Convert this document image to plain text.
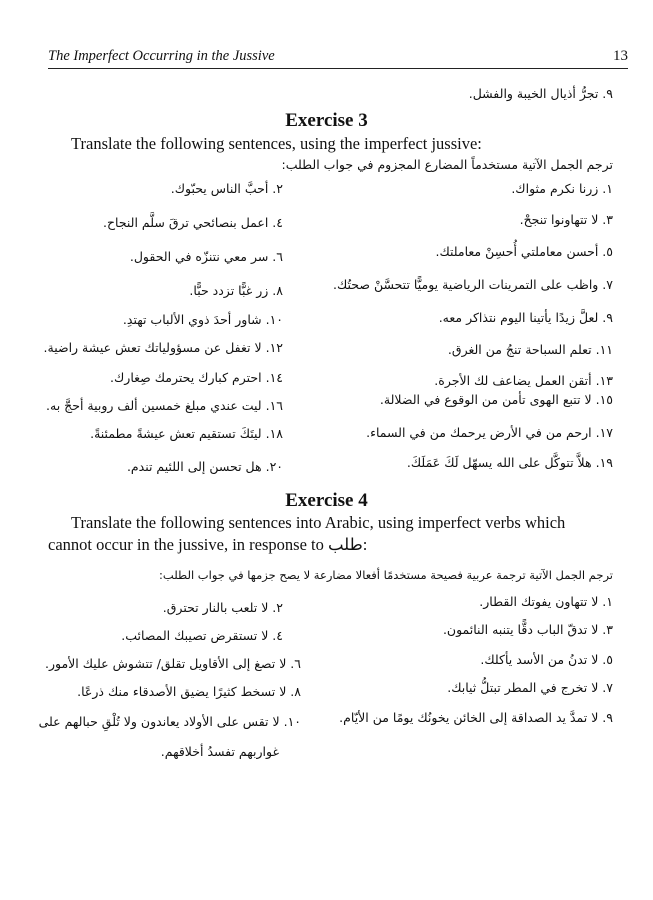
The Imperfect Occurring in the Jussive	13
٩. تجرُّ أذيال الخيبة والفشل.
Exercise 3
Translate the following sentences, using the imperfect jussive:
ترجم الجمل الآتية مستخدماً المضارع المجزوم في جواب الطلب:
١. زرنا نكرم مثواك.
٣. لا تتهاونوا تنجحْ.
٥. أحسن معاملتي أُحسِنْ معاملتك.
٧. واظب على التمرينات الرياضية يوميًّا تتحسَّنْ صحتُك.
٩. لعلَّ زيدًا يأتينا اليوم نتذاكر معه.
١١. تعلم السباحة تنجُ من الغرق.
١٣. أتقن العمل يضاعف لك الأجرة.
١٥. لا تتبع الهوى تأمن من الوقوع في الضلالة.
١٧. ارحم من في الأرض يرحمك من في السماء.
١٩. هلاَّ تتوكَّل على الله يسهّل لَكَ عَمَلَكَ.
٢. أحبَّ الناس يحبّوك.
٤. اعمل بنصائحي ترقَ سلَّم النجاح.
٦. سر معي نتنزّه في الحقول.
٨. زر غبًّا تزدد حبًّا.
١٠. شاور أحدَ ذوي الألباب تهتدِ.
١٢. لا تغفل عن مسؤولياتك تعش عيشة راضية.
١٤. احترم كبارك يحترمك صِغارك.
١٦. ليت عندي مبلغ خمسين ألف روبية أحجَّ به.
١٨. ليتَكَ تستقيم تعش عيشةً مطمئنةً.
٢٠. هل تحسن إلى اللئيم تندم.
Exercise 4
Translate the following sentences into Arabic, using imperfect verbs which
cannot occur in the jussive, in response to طلب:
ترجم الجمل الآتية ترجمة عربية فصيحة مستخدمًا أفعالا مضارعة لا يصح جزمها في جواب الطلب:
١. لا تتهاون يفوتك القطار.
٣. لا تدقّ الباب دقًّا يتنبه النائمون.
٥. لا تدنُ من الأسد يأكلك.
٧. لا تخرج في المطر تبتلُّ ثيابك.
٩. لا تمدَّ يد الصداقة إلى الخائن يخونُك يومًا من الأيّام.
٢. لا تلعب بالنار تحترق.
٤. لا تستقرض تصيبك المصائب.
٦. لا تصغ إلى الأقاويل تقلق/ تتشوش عليك الأمور.
٨. لا تسخط كثيرًا يضيق الأصدقاء منك ذرعًا.
١٠. لا تقس على الأولاد يعاندون ولا تُلْقِ حبالهم على
غواربهم تفسدُ أخلاقهم.
